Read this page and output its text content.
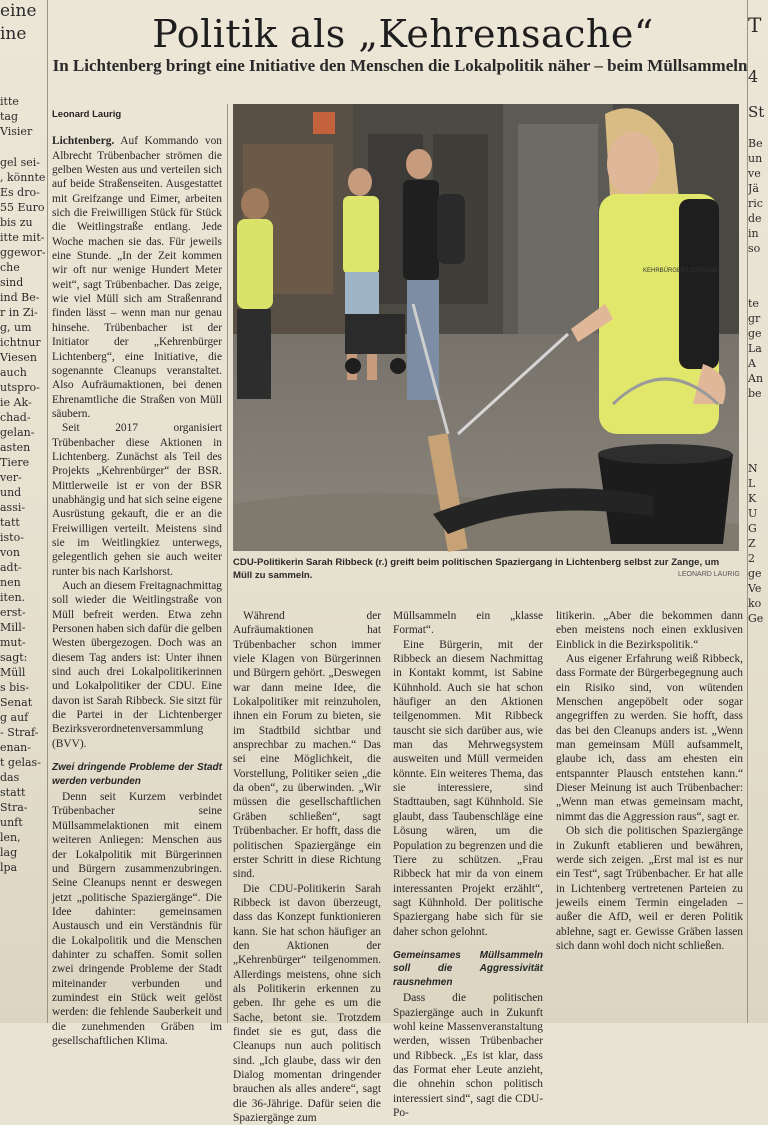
eine
ine
itte
tag
Visier
gel sei-
, könnte
Es dro-
55 Euro
bis zu
itte mit-
ggewor-
che sind
ind Be-
r in Zi-
g, um
ichtnur
Viesen
auch
utspro-
ie Ak-
chad-
gelan-
asten
Tiere
ver-
und
assi-
tatt
isto-
von
adt-
nen
iten.
erst-
Mill-
mut-
sagt:
Müll
s bis-
Senat
g auf
- Straf-
enan-
t gelas-
das
statt
Stra-
unft
len,
lag
lpa
T
4
St
Be
un
ve
Jä
ric
de
in
so
te
gr
ge
La
A
An
be
N
L
K
U
G
Z
2
ge
Ve
ko
Ge
Politik als „Kehrensache“
In Lichtenberg bringt eine Initiative den Menschen die Lokalpolitik näher – beim Müllsammeln
Leonard Laurig

Lichtenberg. Auf Kommando von Albrecht Trübenbacher strömen die gelben Westen aus und verteilen sich auf beide Straßenseiten. Ausgestattet mit Greifzange und Eimer, arbeiten sich die Freiwilligen Stück für Stück die Weitlingstraße entlang. Jede Woche machen sie das. Für jeweils eine Stunde. „In der Zeit kommen wir oft nur wenige Hundert Meter weit“, sagt Trübenbacher. Das zeige, wie viel Müll sich am Straßenrand finden lässt – wenn man nur genau hinsehe. Trübenbacher ist der Initiator der „Kehrenbürger Lichtenberg“, eine Initiative, die sogenannte Cleanups veranstaltet. Also Aufräumaktionen, bei denen Ehrenamtliche die Straßen von Müll säubern.

Seit 2017 organisiert Trübenbacher diese Aktionen in Lichtenberg. Zunächst als Teil des Projekts „Kehrenbürger“ der BSR. Mittlerweile ist er von der BSR unabhängig und hat sich seine eigene Ausrüstung gekauft, die er an die Freiwilligen verteilt. Meistens sind sie im Weitlingkiez unterwegs, gelegentlich gehen sie auch weiter runter bis nach Karlshorst.

Auch an diesem Freitagnachmittag soll wieder die Weitlingstraße von Müll befreit werden. Etwa zehn Personen haben sich dafür die gelben Westen übergezogen. Doch was an diesem Tag anders ist: Unter ihnen sind auch drei Lokalpolitikerinnen und Lokalpolitiker der CDU. Eine davon ist Sarah Ribbeck. Sie sitzt für die Partei in der Lichtenberger Bezirksverordnetenversammlung (BVV).

Zwei dringende Probleme der Stadt werden verbunden

Denn seit Kurzem verbindet Trübenbacher seine Müllsammelaktionen mit einem weiteren Anliegen: Menschen aus der Lokalpolitik mit Bürgerinnen und Bürgern zusammenzubringen. Seine Cleanups nennt er deswegen jetzt „politische Spaziergänge“. Die Idee dahinter: gemeinsamen Austausch und ein Verständnis für die Lokalpolitik und die Menschen dahinter zu schaffen. Somit sollen zwei dringende Probleme der Stadt miteinander verbunden und zumindest ein Stück weit gelöst werden: die fehlende Sauberkeit und die zunehmenden Gräben im gesellschaftlichen Klima.

KEHRBÜRGER LICHTENB.
CDU-Politikerin Sarah Ribbeck (r.) greift beim politischen Spaziergang in Lichtenberg selbst zur Zange, um Müll zu sammeln.	LEONARD LAURIG

Während der Aufräumaktionen hat Trübenbacher schon immer viele Klagen von Bürgerinnen und Bürgern gehört. „Deswegen war dann meine Idee, die Lokalpolitiker mit reinzuholen, ihnen ein Forum zu bieten, sie im Stadtbild sichtbar und ansprechbar zu machen.“ Das sei eine Möglichkeit, die Vorstellung, Politiker seien „die da oben“, zu überwinden. „Wir müssen die gesellschaftlichen Gräben schließen“, sagt Trübenbacher. Er hofft, dass die politischen Spaziergänge ein erster Schritt in diese Richtung sind.

Die CDU-Politikerin Sarah Ribbeck ist davon überzeugt, dass das Konzept funktionieren kann. Sie hat schon häufiger an den Aktionen der „Kehrenbürger“ teilgenommen. Allerdings meistens, ohne sich als Politikerin erkennen zu geben. Ihr gehe es um die Sache, betont sie. Trotzdem findet sie es gut, dass die Cleanups nun auch politisch sind. „Ich glaube, dass wir den Dialog momentan dringender brauchen als alles andere“, sagt die 36-Jährige. Dafür seien die Spaziergänge zum

Müllsammeln ein „klasse Format“.

Eine Bürgerin, mit der Ribbeck an diesem Nachmittag in Kontakt kommt, ist Sabine Kühnhold. Auch sie hat schon häufiger an den Aktionen teilgenommen. Mit Ribbeck tauscht sie sich darüber aus, wie man das Mehrwegsystem ausweiten und Müll vermeiden könnte. Ein weiteres Thema, das sie interessiere, sind Stadttauben, sagt Kühnhold. Sie glaubt, dass Taubenschläge eine Lösung wären, um die Population zu begrenzen und die Tiere zu schützen. „Frau Ribbeck hat mir da von einem interessanten Projekt erzählt“, sagt Kühnhold. Der politische Spaziergang habe sich für sie daher schon gelohnt.

Gemeinsames Müllsammeln soll die Aggressivität rausnehmen

Dass die politischen Spaziergänge auch in Zukunft wohl keine Massenveranstaltung werden, wissen Trübenbacher und Ribbeck. „Es ist klar, dass das Format eher Leute anzieht, die ohnehin schon politisch interessiert sind“, sagt die CDU-Po-

litikerin. „Aber die bekommen dann eben meistens noch einen exklusiven Einblick in die Bezirkspolitik.“

Aus eigener Erfahrung weiß Ribbeck, dass Formate der Bürgerbegegnung auch ein Risiko sind, von wütenden Menschen angepöbelt oder sogar angegriffen zu werden. Sie hofft, dass das bei den Cleanups anders ist. „Wenn man gemeinsam Müll aufsammelt, glaube ich, dass am ehesten ein entspannter Plausch entstehen kann.“ Dieser Meinung ist auch Trübenbacher: „Wenn man etwas gemeinsam macht, nimmt das die Aggression raus“, sagt er.

Ob sich die politischen Spaziergänge in Zukunft etablieren und bewähren, werde sich zeigen. „Erst mal ist es nur ein Test“, sagt Trübenbacher. Er hat alle in Lichtenberg vertretenen Parteien zu jeweils einem Termin eingeladen – außer die AfD, weil er deren Politik ablehne, sagt er. Gewisse Gräben lassen sich dann wohl doch nicht schließen.
